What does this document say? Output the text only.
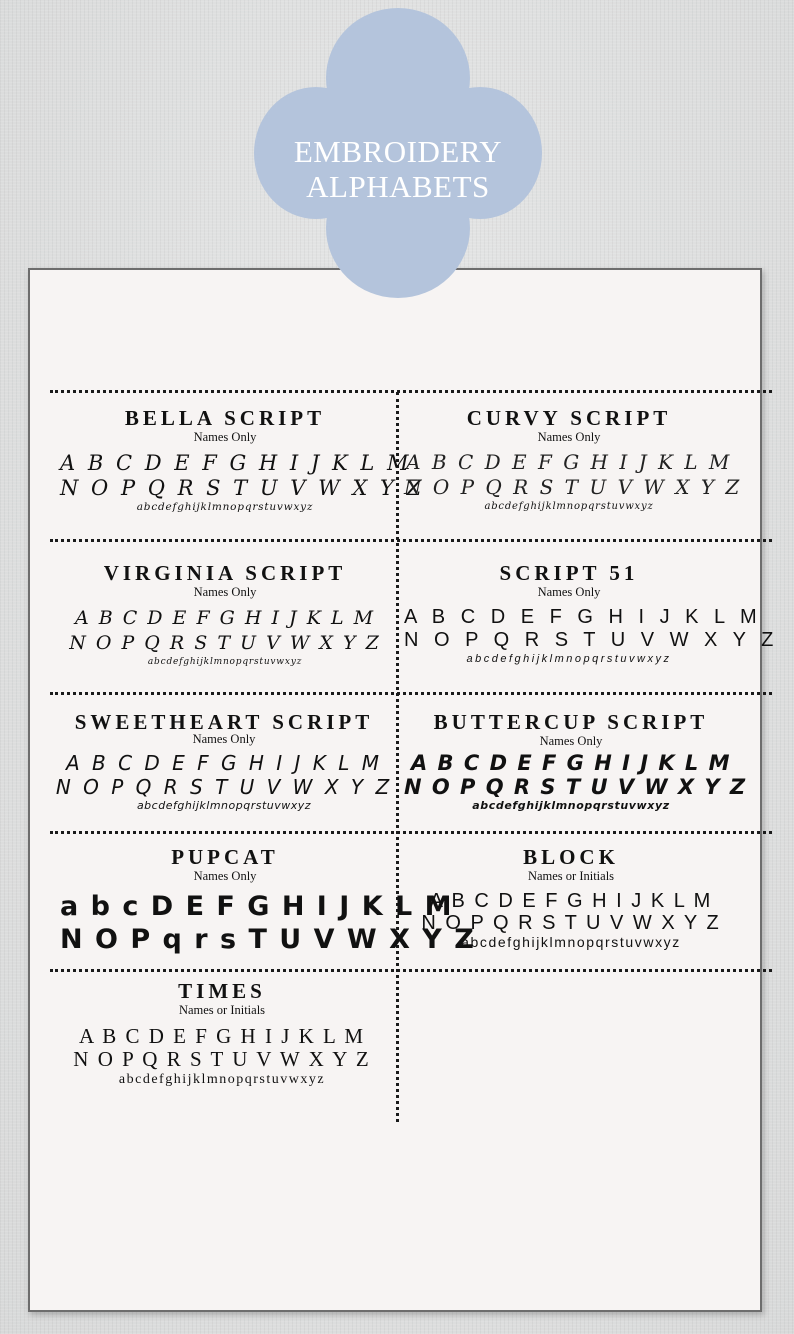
EMBROIDERY
ALPHABETS
BELLA SCRIPT
Names Only
A B C D E F G H I J K L M
N O P Q R S T U V W X Y Z
abcdefghijklmnopqrstuvwxyz
CURVY SCRIPT
Names Only
A B C D E F G H I J K L M
N O P Q R S T U V W X Y Z
abcdefghijklmnopqrstuvwxyz
VIRGINIA SCRIPT
Names Only
A B C D E F G H I J K L M
N O P Q R S T U V W X Y Z
abcdefghijklmnopqrstuvwxyz
SCRIPT 51
Names Only
A B C D E F G H I J K L M
N O P Q R S T U V W X Y Z
abcdefghijklmnopqrstuvwxyz
SWEETHEART SCRIPT
Names Only
A B C D E F G H I J K L M
N O P Q R S T U V W X Y Z
abcdefghijklmnopqrstuvwxyz
BUTTERCUP SCRIPT
Names Only
A B C D E F G H I J K L M
N O P Q R S T U V W X Y Z
abcdefghijklmnopqrstuvwxyz
PUPCAT
Names Only
a b c D E F G H I J K L M
N O P q r s T U V W X Y Z
BLOCK
Names or Initials
A B C D E F G H I J K L M
N O P Q R S T U V W X Y Z
abcdefghijklmnopqrstuvwxyz
TIMES
Names or Initials
A B C D E F G H I J K L M
N O P Q R S T U V W X Y Z
abcdefghijklmnopqrstuvwxyz
